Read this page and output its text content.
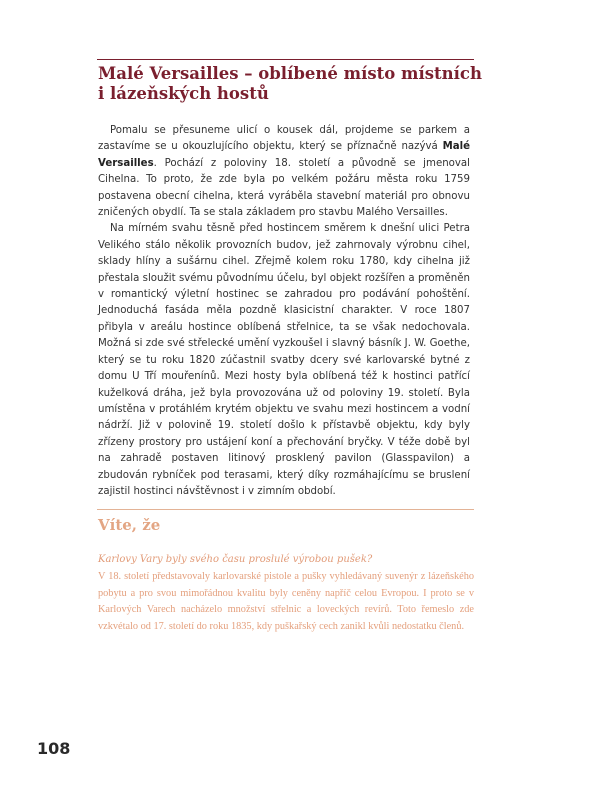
Malé Versailles – oblíbené místo místních i lázeňských hostů

Pomalu se přesuneme ulicí o kousek dál, projdeme se parkem a zastavíme se u okouzlujícího objektu, který se příznačně nazývá Malé Versailles. Pochází z poloviny 18. století a původně se jmenoval Cihelna. To proto, že zde byla po velkém požáru města roku 1759 postavena obecní cihelna, která vyráběla stavební materiál pro obnovu zničených obydlí. Ta se stala základem pro stavbu Malého Versailles.

Na mírném svahu těsně před hostincem směrem k dnešní ulici Petra Velikého stálo několik provozních budov, jež zahrnovaly výrobnu cihel, sklady hlíny a sušárnu cihel. Zřejmě kolem roku 1780, kdy cihelna již přestala sloužit svému původnímu účelu, byl objekt rozšířen a proměněn v romantický výletní hostinec se zahradou pro podávání pohoštění. Jednoduchá fasáda měla pozdně klasicistní charakter. V roce 1807 přibyla v areálu hostince oblíbená střelnice, ta se však nedochovala. Možná si zde své střelecké umění vyzkoušel i slavný básník J. W. Goethe, který se tu roku 1820 zúčastnil svatby dcery své karlovarské bytné z domu U Tří mouřenínů. Mezi hosty byla oblíbená též k hostinci patřící kuželková dráha, jež byla provozována už od poloviny 19. století. Byla umístěna v protáhlém krytém objektu ve svahu mezi hostincem a vodní nádrží. Již v polovině 19. století došlo k přístavbě objektu, kdy byly zřízeny prostory pro ustájení koní a přechování bryčky. V téže době byl na zahradě postaven litinový prosklený pavilon (Glasspavilon) a zbudován rybníček pod terasami, který díky rozmáhajícímu se bruslení zajistil hostinci návštěvnost i v zimním období.

Víte, že

Karlovy Vary byly svého času proslulé výrobou pušek?

V 18. století představovaly karlovarské pistole a pušky vyhledávaný suvenýr z lázeňského pobytu a pro svou mimořádnou kvalitu byly ceněny napříč celou Evropou. I proto se v Karlových Varech nacházelo množství střelnic a loveckých revírů. Toto řemeslo zde vzkvétalo od 17. století do roku 1835, kdy puškařský cech zanikl kvůli nedostatku členů.

108
